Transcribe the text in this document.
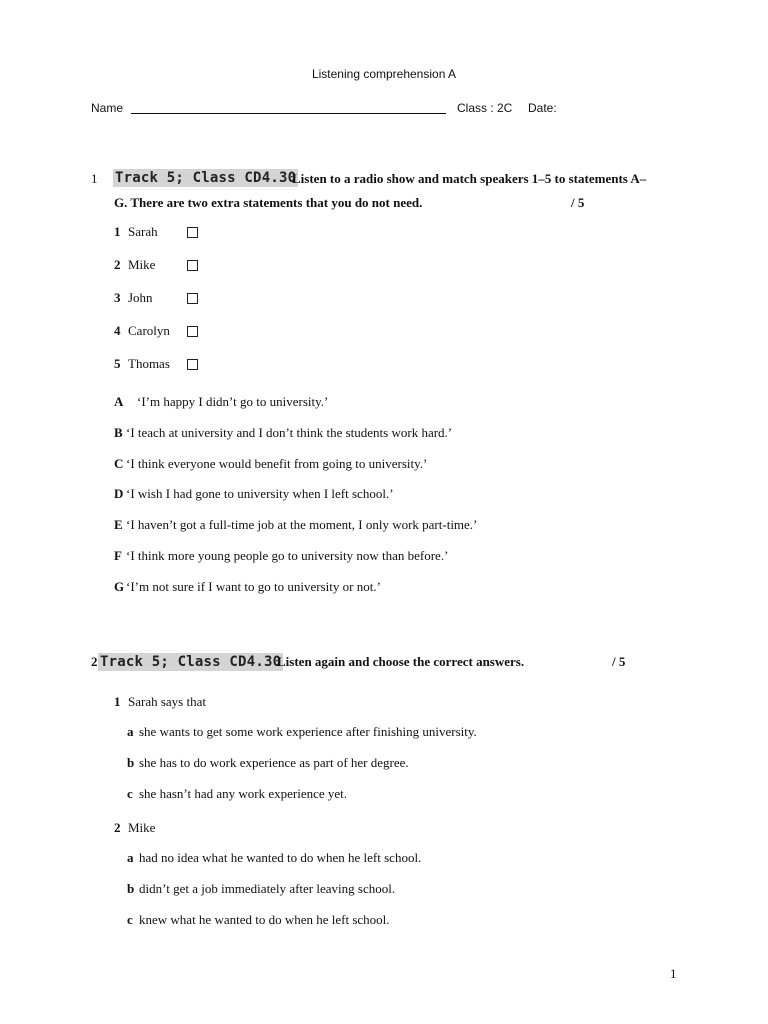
Listening comprehension A
Name	Class : 2C Date:
1 Track 5; Class CD4.30
Listen to a radio show and match speakers 1–5 to statements A–
G. There are two extra statements that you do not need.	/ 5
1 Sarah
2 Mike
3 John
4 Carolyn
5 Thomas
A ‘I’m happy I didn’t go to university.’
B ‘I teach at university and I don’t think the students work hard.’
C ‘I think everyone would benefit from going to university.’
D ‘I wish I had gone to university when I left school.’
E ‘I haven’t got a full-time job at the moment, I only work part-time.’
F ‘I think more young people go to university now than before.’
G ‘I’m not sure if I want to go to university or not.’
2 Track 5; Class CD4.30
Listen again and choose the correct answers.	/ 5
1 Sarah says that
a she wants to get some work experience after finishing university.
b she has to do work experience as part of her degree.
c she hasn’t had any work experience yet.
2 Mike
a had no idea what he wanted to do when he left school.
b didn’t get a job immediately after leaving school.
c knew what he wanted to do when he left school.
1
